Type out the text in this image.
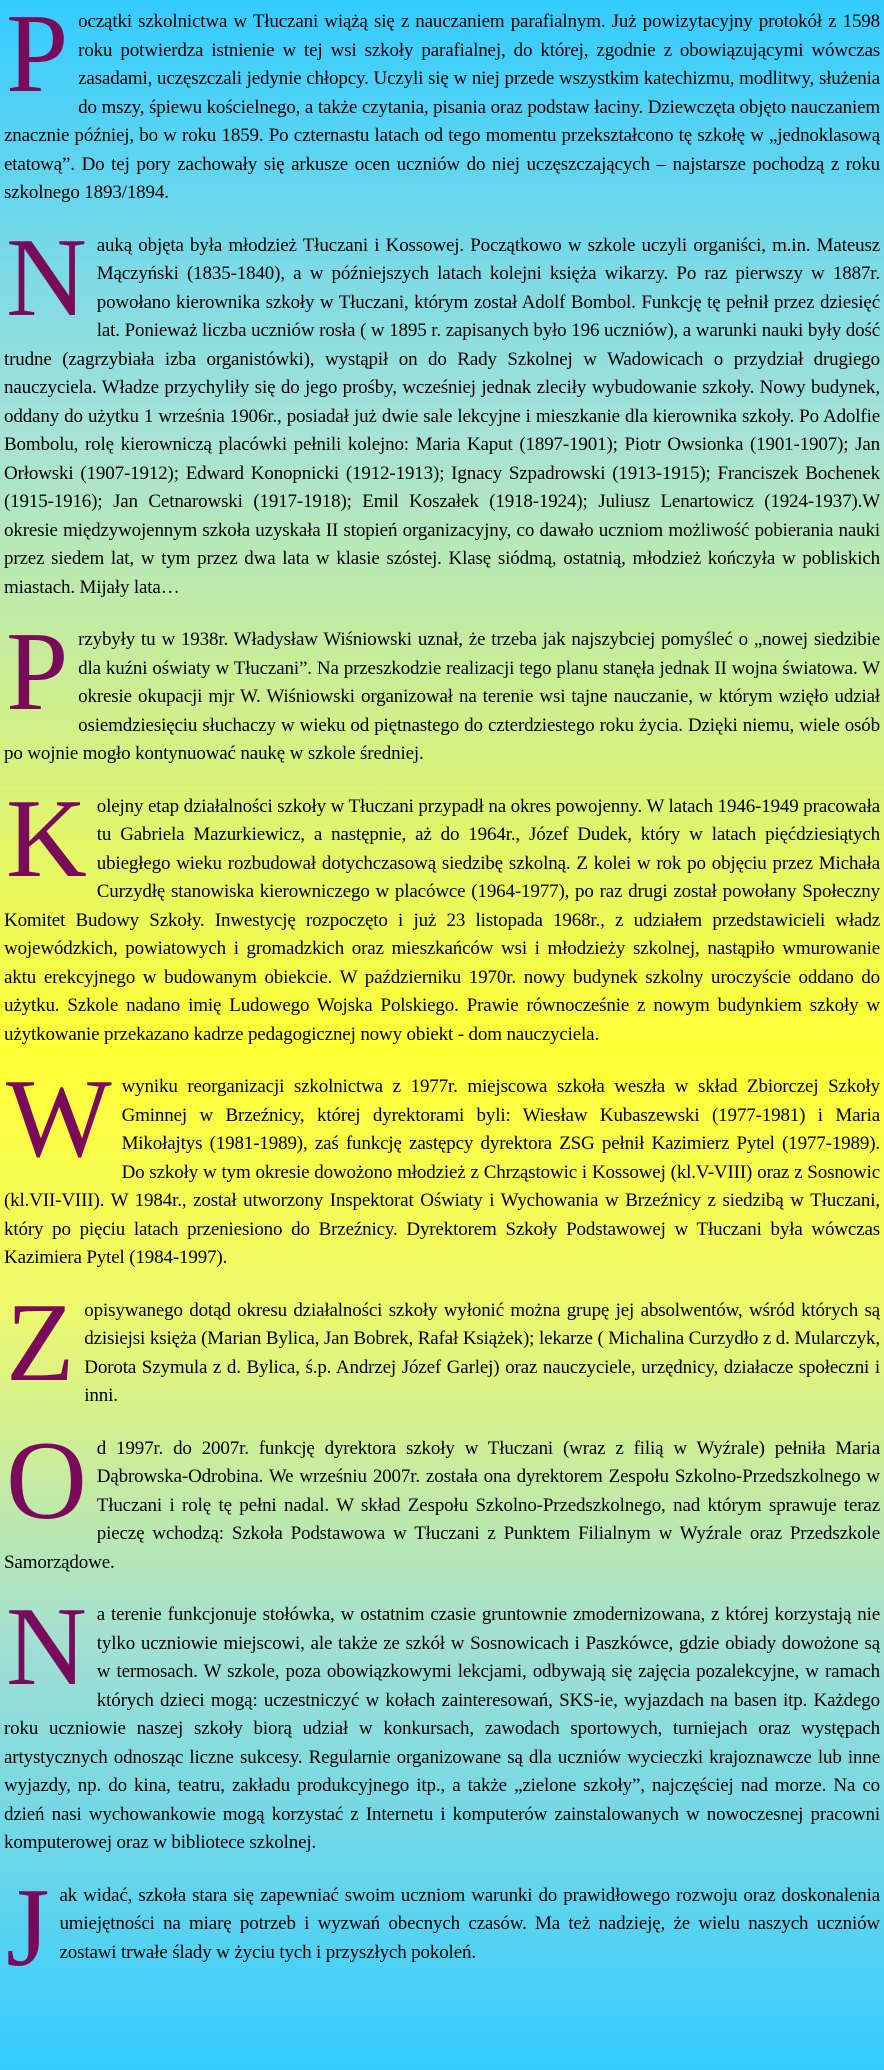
Początki szkolnictwa w Tłuczani wiążą się z nauczaniem parafialnym. Już powizytacyjny protokół z 1598 roku potwierdza istnienie w tej wsi szkoły parafialnej, do której, zgodnie z obowiązującymi wówczas zasadami, uczęszczali jedynie chłopcy. Uczyli się w niej przede wszystkim katechizmu, modlitwy, służenia do mszy, śpiewu kościelnego, a także czytania, pisania oraz podstaw łaciny. Dziewczęta objęto nauczaniem znacznie później, bo w roku 1859. Po czternastu latach od tego momentu przekształcono tę szkołę w „jednoklasową etatową”. Do tej pory zachowały się arkusze ocen uczniów do niej uczęszczających – najstarsze pochodzą z roku szkolnego 1893/1894.

Nauką objęta była młodzież Tłuczani i Kossowej. Początkowo w szkole uczyli organiści, m.in. Mateusz Mączyński (1835-1840), a w późniejszych latach kolejni księża wikarzy. Po raz pierwszy w 1887r. powołano kierownika szkoły w Tłuczani, którym został Adolf Bombol. Funkcję tę pełnił przez dziesięć lat. Ponieważ liczba uczniów rosła ( w 1895 r. zapisanych było 196 uczniów), a warunki nauki były dość trudne (zagrzybiała izba organistówki), wystąpił on do Rady Szkolnej w Wadowicach o przydział drugiego nauczyciela. Władze przychyliły się do jego prośby, wcześniej jednak zleciły wybudowanie szkoły. Nowy budynek, oddany do użytku 1 września 1906r., posiadał już dwie sale lekcyjne i mieszkanie dla kierownika szkoły. Po Adolfie Bombolu, rolę kierowniczą placówki pełnili kolejno: Maria Kaput (1897-1901); Piotr Owsionka (1901-1907); Jan Orłowski (1907-1912); Edward Konopnicki (1912-1913); Ignacy Szpadrowski (1913-1915); Franciszek Bochenek (1915-1916); Jan Cetnarowski (1917-1918); Emil Koszałek (1918-1924); Juliusz Lenartowicz (1924-1937).W okresie międzywojennym szkoła uzyskała II stopień organizacyjny, co dawało uczniom możliwość pobierania nauki przez siedem lat, w tym przez dwa lata w klasie szóstej. Klasę siódmą, ostatnią, młodzież kończyła w pobliskich miastach. Mijały lata…

Przybyły tu w 1938r. Władysław Wiśniowski uznał, że trzeba jak najszybciej pomyśleć o „nowej siedzibie dla kuźni oświaty w Tłuczani”. Na przeszkodzie realizacji tego planu stanęła jednak II wojna światowa. W okresie okupacji mjr W. Wiśniowski organizował na terenie wsi tajne nauczanie, w którym wzięło udział osiemdziesięciu słuchaczy w wieku od piętnastego do czterdziestego roku życia. Dzięki niemu, wiele osób po wojnie mogło kontynuować naukę w szkole średniej.

Kolejny etap działalności szkoły w Tłuczani przypadł na okres powojenny. W latach 1946-1949 pracowała tu Gabriela Mazurkiewicz, a następnie, aż do 1964r., Józef Dudek, który w latach pięćdziesiątych ubiegłego wieku rozbudował dotychczasową siedzibę szkolną. Z kolei w rok po objęciu przez Michała Curzydłę stanowiska kierowniczego w placówce (1964-1977), po raz drugi został powołany Społeczny Komitet Budowy Szkoły. Inwestycję rozpoczęto i już 23 listopada 1968r., z udziałem przedstawicieli władz wojewódzkich, powiatowych i gromadzkich oraz mieszkańców wsi i młodzieży szkolnej, nastąpiło wmurowanie aktu erekcyjnego w budowanym obiekcie. W październiku 1970r. nowy budynek szkolny uroczyście oddano do użytku. Szkole nadano imię Ludowego Wojska Polskiego. Prawie równocześnie z nowym budynkiem szkoły w użytkowanie przekazano kadrze pedagogicznej nowy obiekt - dom nauczyciela.

W wyniku reorganizacji szkolnictwa z 1977r. miejscowa szkoła weszła w skład Zbiorczej Szkoły Gminnej w Brzeźnicy, której dyrektorami byli: Wiesław Kubaszewski (1977-1981) i Maria Mikołajtys (1981-1989), zaś funkcję zastępcy dyrektora ZSG pełnił Kazimierz Pytel (1977-1989). Do szkoły w tym okresie dowożono młodzież z Chrząstowic i Kossowej (kl.V-VIII) oraz z Sosnowic (kl.VII-VIII). W 1984r., został utworzony Inspektorat Oświaty i Wychowania w Brzeźnicy z siedzibą w Tłuczani, który po pięciu latach przeniesiono do Brzeźnicy. Dyrektorem Szkoły Podstawowej w Tłuczani była wówczas Kazimiera Pytel (1984-1997).

Z opisywanego dotąd okresu działalności szkoły wyłonić można grupę jej absolwentów, wśród których są dzisiejsi księża (Marian Bylica, Jan Bobrek, Rafał Książek); lekarze ( Michalina Curzydło z d. Mularczyk, Dorota Szymula z d. Bylica, ś.p. Andrzej Józef Garlej) oraz nauczyciele, urzędnicy, działacze społeczni i inni.

Od 1997r. do 2007r. funkcję dyrektora szkoły w Tłuczani (wraz z filią w Wyźrale) pełniła Maria Dąbrowska-Odrobina. We wrześniu 2007r. została ona dyrektorem Zespołu Szkolno-Przedszkolnego w Tłuczani i rolę tę pełni nadal. W skład Zespołu Szkolno-Przedszkolnego, nad którym sprawuje teraz pieczę wchodzą: Szkoła Podstawowa w Tłuczani z Punktem Filialnym w Wyźrale oraz Przedszkole Samorządowe.

Na terenie funkcjonuje stołówka, w ostatnim czasie gruntownie zmodernizowana, z której korzystają nie tylko uczniowie miejscowi, ale także ze szkół w Sosnowicach i Paszkówce, gdzie obiady dowożone są w termosach. W szkole, poza obowiązkowymi lekcjami, odbywają się zajęcia pozalekcyjne, w ramach których dzieci mogą: uczestniczyć w kołach zainteresowań, SKS-ie, wyjazdach na basen itp. Każdego roku uczniowie naszej szkoły biorą udział w konkursach, zawodach sportowych, turniejach oraz występach artystycznych odnosząc liczne sukcesy. Regularnie organizowane są dla uczniów wycieczki krajoznawcze lub inne wyjazdy, np. do kina, teatru, zakładu produkcyjnego itp., a także „zielone szkoły”, najczęściej nad morze. Na co dzień nasi wychowankowie mogą korzystać z Internetu i komputerów zainstalowanych w nowoczesnej pracowni komputerowej oraz w bibliotece szkolnej.

Jak widać, szkoła stara się zapewniać swoim uczniom warunki do prawidłowego rozwoju oraz doskonalenia umiejętności na miarę potrzeb i wyzwań obecnych czasów. Ma też nadzieję, że wielu naszych uczniów zostawi trwałe ślady w życiu tych i przyszłych pokoleń.
